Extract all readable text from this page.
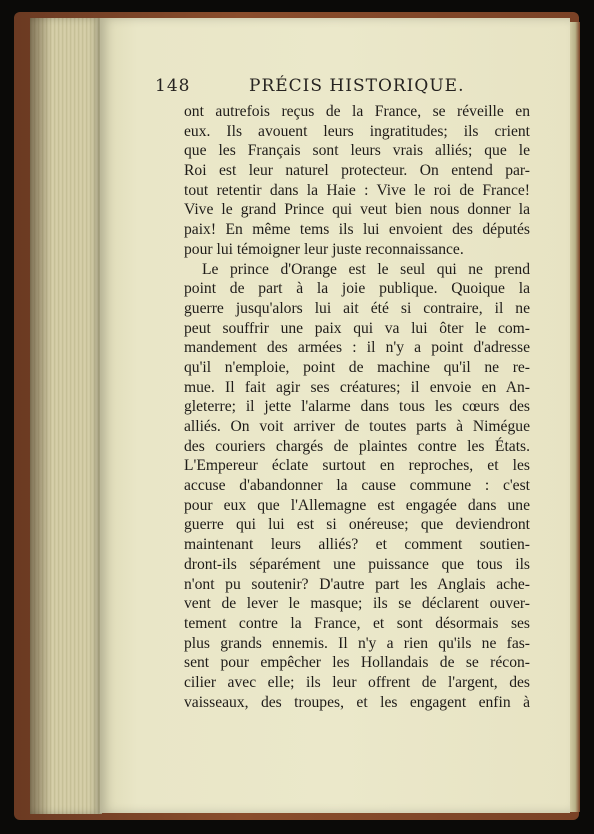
148	PRÉCIS HISTORIQUE.
ont autrefois reçus de la France, se réveille en
eux. Ils avouent leurs ingratitudes; ils crient
que les Français sont leurs vrais alliés; que le
Roi est leur naturel protecteur. On entend par-
tout retentir dans la Haie : Vive le roi de France!
Vive le grand Prince qui veut bien nous donner la
paix! En même tems ils lui envoient des députés
pour lui témoigner leur juste reconnaissance.
Le prince d'Orange est le seul qui ne prend
point de part à la joie publique. Quoique la
guerre jusqu'alors lui ait été si contraire, il ne
peut souffrir une paix qui va lui ôter le com-
mandement des armées : il n'y a point d'adresse
qu'il n'emploie, point de machine qu'il ne re-
mue. Il fait agir ses créatures; il envoie en An-
gleterre; il jette l'alarme dans tous les cœurs des
alliés. On voit arriver de toutes parts à Nimégue
des couriers chargés de plaintes contre les États.
L'Empereur éclate surtout en reproches, et les
accuse d'abandonner la cause commune : c'est
pour eux que l'Allemagne est engagée dans une
guerre qui lui est si onéreuse; que deviendront
maintenant leurs alliés? et comment soutien-
dront-ils séparément une puissance que tous ils
n'ont pu soutenir? D'autre part les Anglais ache-
vent de lever le masque; ils se déclarent ouver-
tement contre la France, et sont désormais ses
plus grands ennemis. Il n'y a rien qu'ils ne fas-
sent pour empêcher les Hollandais de se récon-
cilier avec elle; ils leur offrent de l'argent, des
vaisseaux, des troupes, et les engagent enfin à
